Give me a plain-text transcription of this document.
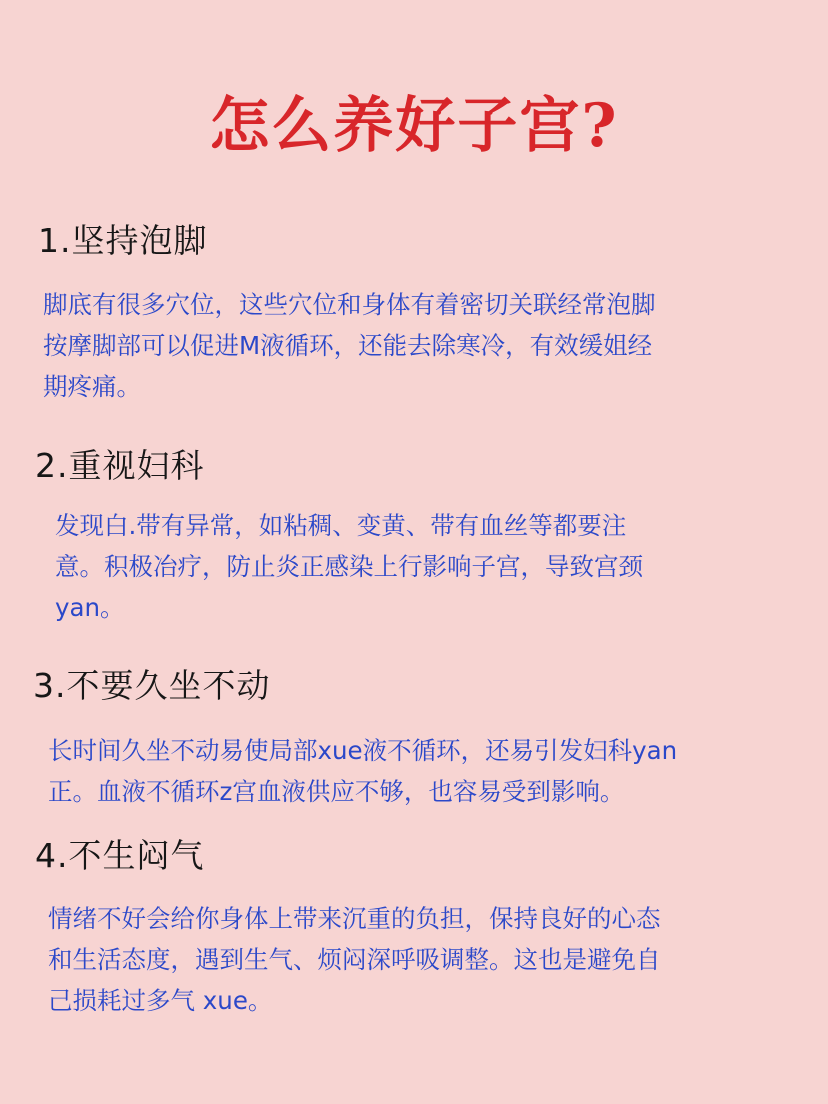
怎么养好子宫?
1.坚持泡脚
脚底有很多穴位，这些穴位和身体有着密切关联经常泡脚
按摩脚部可以促进M液循环，还能去除寒冷，有效缓姐经
期疼痛。
2.重视妇科
发现白.带有异常，如粘稠、变黄、带有血丝等都要注
意。积极冶疗，防止炎正感染上行影响子宫，导致宫颈
yan。
3.不要久坐不动
长时间久坐不动易使局部xue液不循环，还易引发妇科yan
正。血液不循环z宫血液供应不够，也容易受到影响。
4.不生闷气
情绪不好会给你身体上带来沉重的负担，保持良好的心态
和生活态度，遇到生气、烦闷深呼吸调整。这也是避免自
己损耗过多气 xue。
